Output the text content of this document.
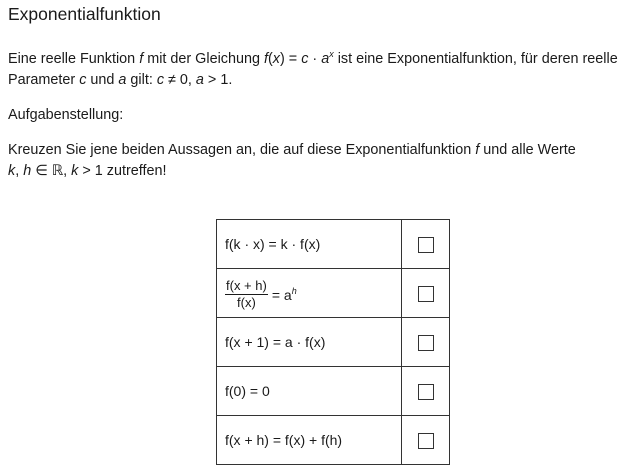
Exponentialfunktion

Eine reelle Funktion f mit der Gleichung $f(x) = c \cdot a^x$ ist eine Exponentialfunktion, für deren reelle
Parameter c und a gilt: c ≠ 0, a > 1.

Aufgabenstellung:

Kreuzen Sie jene beiden Aussagen an, die auf diese Exponentialfunktion f und alle Werte
k, h ∈ ℝ, k > 1 zutreffen!

f(k · x) = k · f(x)	

$\frac{f(x + h)}{f(x)} = a^h$

f(x + 1) = a · f(x)	
f(0) = 0	
f(x + h) = f(x) + f(h)	
